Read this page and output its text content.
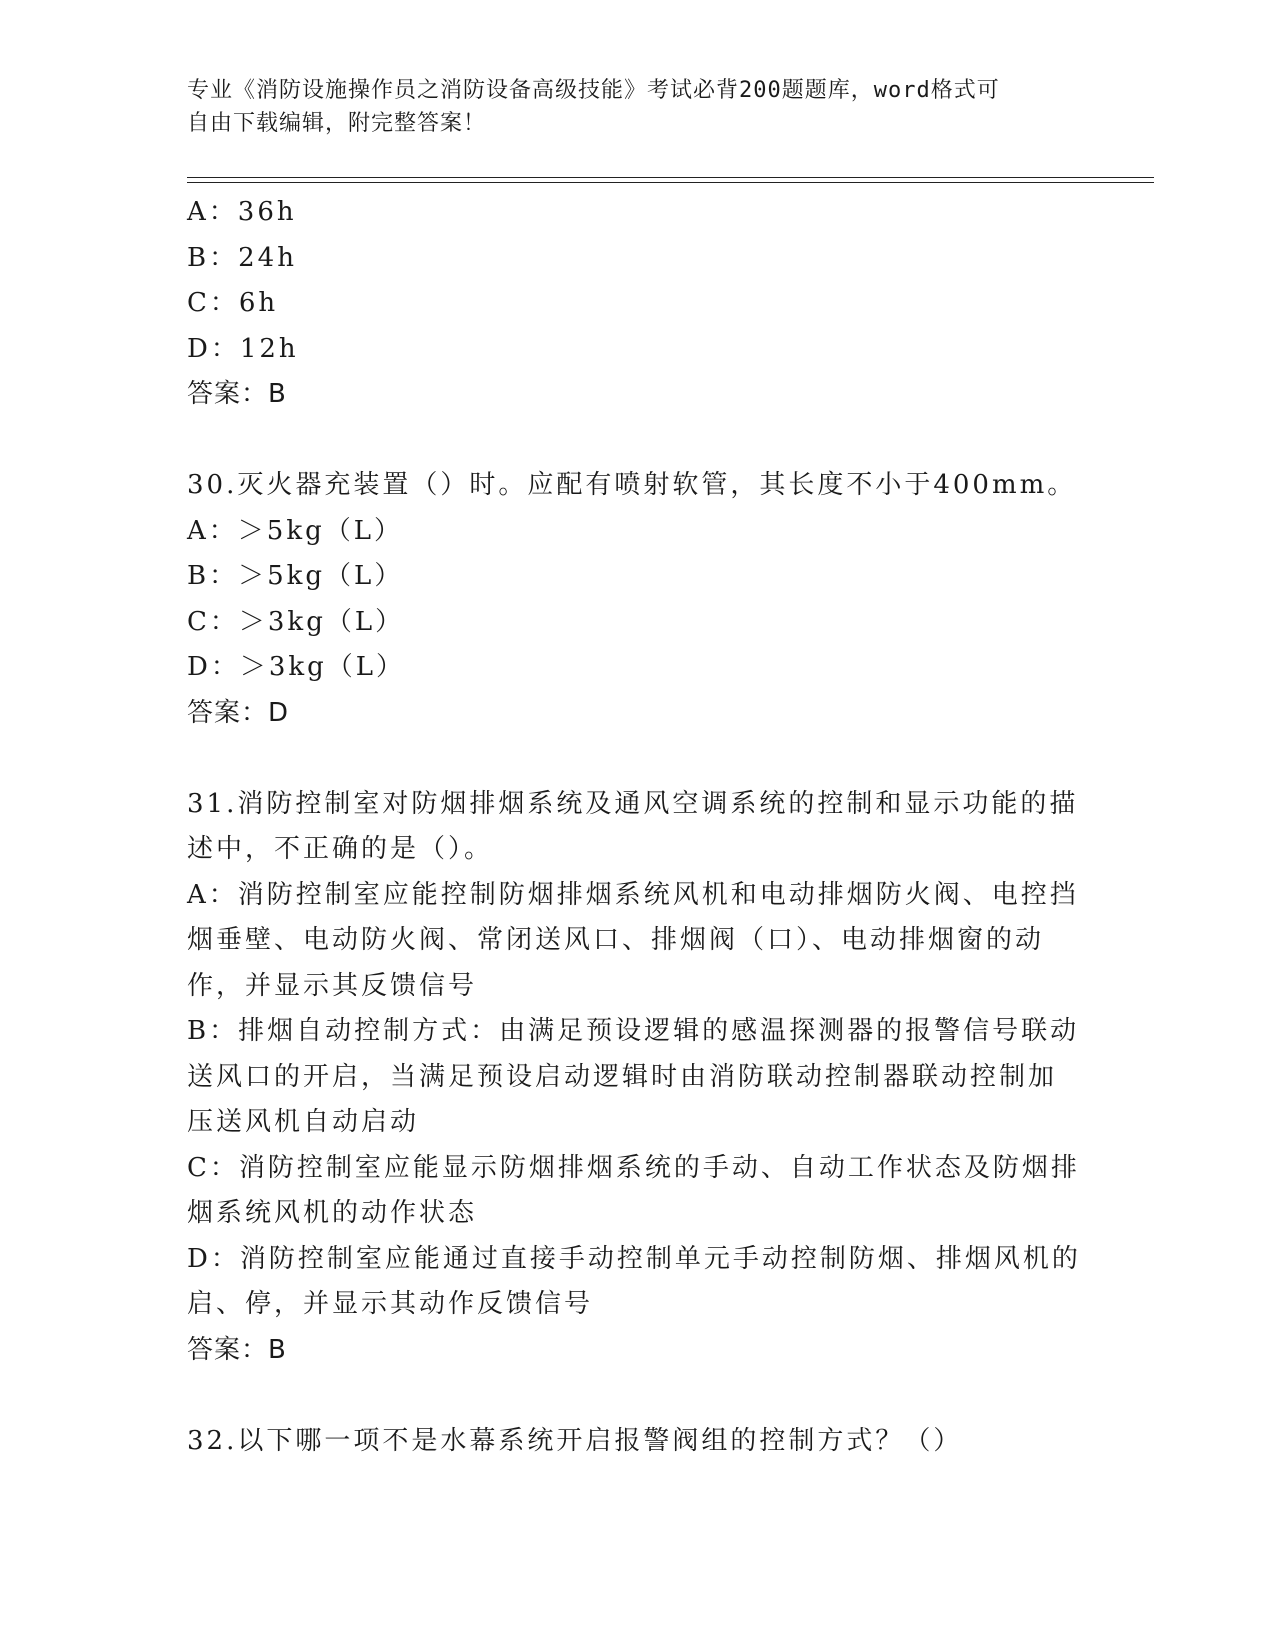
专业《消防设施操作员之消防设备高级技能》考试必背200题题库，word格式可
自由下载编辑，附完整答案！
A：36h
B：24h
C：6h
D：12h
答案：B
30.灭火器充装置（）时。应配有喷射软管，其长度不小于400mm。
A：＞5kg（L）
B：＞5kg（L）
C：＞3kg（L）
D：＞3kg（L）
答案：D
31.消防控制室对防烟排烟系统及通风空调系统的控制和显示功能的描
述中，不正确的是（）。
A：消防控制室应能控制防烟排烟系统风机和电动排烟防火阀、电控挡
烟垂壁、电动防火阀、常闭送风口、排烟阀（口）、电动排烟窗的动
作，并显示其反馈信号
B：排烟自动控制方式：由满足预设逻辑的感温探测器的报警信号联动
送风口的开启，当满足预设启动逻辑时由消防联动控制器联动控制加
压送风机自动启动
C：消防控制室应能显示防烟排烟系统的手动、自动工作状态及防烟排
烟系统风机的动作状态
D：消防控制室应能通过直接手动控制单元手动控制防烟、排烟风机的
启、停，并显示其动作反馈信号
答案：B
32.以下哪一项不是水幕系统开启报警阀组的控制方式？（）
